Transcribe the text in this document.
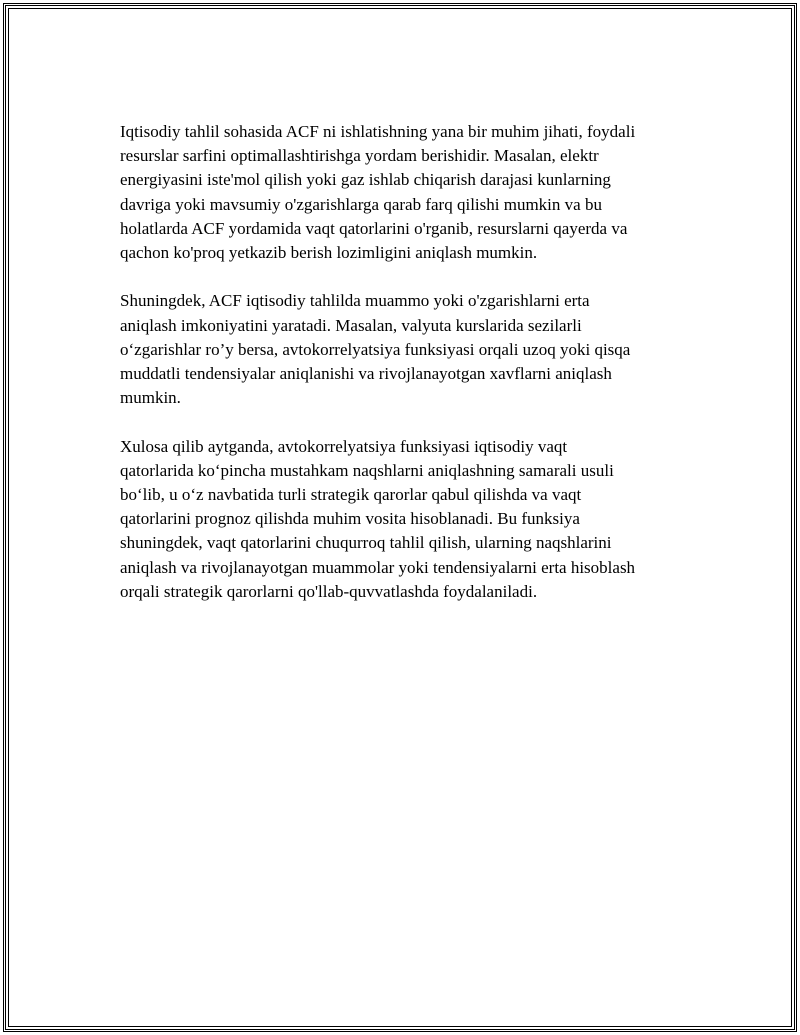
Iqtisodiy tahlil sohasida ACF ni ishlatishning yana bir muhim jihati, foydali
resurslar sarfini optimallashtirishga yordam berishidir. Masalan, elektr
energiyasini iste'mol qilish yoki gaz ishlab chiqarish darajasi kunlarning
davriga yoki mavsumiy o'zgarishlarga qarab farq qilishi mumkin va bu
holatlarda ACF yordamida vaqt qatorlarini o'rganib, resurslarni qayerda va
qachon ko'proq yetkazib berish lozimligini aniqlash mumkin.

Shuningdek, ACF iqtisodiy tahlilda muammo yoki o'zgarishlarni erta
aniqlash imkoniyatini yaratadi. Masalan, valyuta kurslarida sezilarli
o‘zgarishlar ro’y bersa, avtokorrelyatsiya funksiyasi orqali uzoq yoki qisqa
muddatli tendensiyalar aniqlanishi va rivojlanayotgan xavflarni aniqlash
mumkin.

Xulosa qilib aytganda, avtokorrelyatsiya funksiyasi iqtisodiy vaqt
qatorlarida ko‘pincha mustahkam naqshlarni aniqlashning samarali usuli
bo‘lib, u o‘z navbatida turli strategik qarorlar qabul qilishda va vaqt
qatorlarini prognoz qilishda muhim vosita hisoblanadi. Bu funksiya
shuningdek, vaqt qatorlarini chuqurroq tahlil qilish, ularning naqshlarini
aniqlash va rivojlanayotgan muammolar yoki tendensiyalarni erta hisoblash
orqali strategik qarorlarni qo'llab-quvvatlashda foydalaniladi.
